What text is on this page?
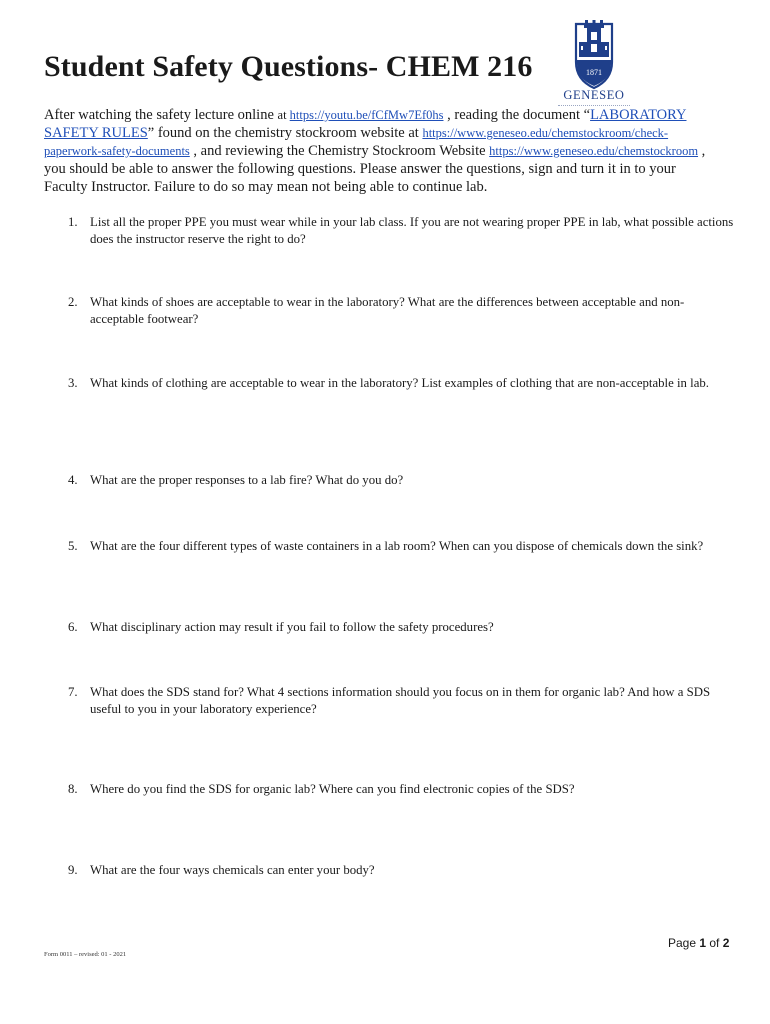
Student Safety Questions- CHEM 216	1871
GENESEO
After watching the safety lecture online at https://youtu.be/fCfMw7Ef0hs , reading the document “LABORATORY
SAFETY RULES” found on the chemistry stockroom website at https://www.geneseo.edu/chemstockroom/check-
paperwork-safety-documents , and reviewing the Chemistry Stockroom Website https://www.geneseo.edu/chemstockroom ,
you should be able to answer the following questions. Please answer the questions, sign and turn it in to your
Faculty Instructor. Failure to do so may mean not being able to continue lab.
1. List all the proper PPE you must wear while in your lab class. If you are not wearing proper PPE in lab, what possible actions does the instructor reserve the right to do?
2. What kinds of shoes are acceptable to wear in the laboratory? What are the differences between acceptable and non-acceptable footwear?
3. What kinds of clothing are acceptable to wear in the laboratory? List examples of clothing that are non-acceptable in lab.
4. What are the proper responses to a lab fire? What do you do?
5. What are the four different types of waste containers in a lab room? When can you dispose of chemicals down the sink?
6. What disciplinary action may result if you fail to follow the safety procedures?
7. What does the SDS stand for? What 4 sections information should you focus on in them for organic lab? And how a SDS useful to you in your laboratory experience?
8. Where do you find the SDS for organic lab? Where can you find electronic copies of the SDS?
9. What are the four ways chemicals can enter your body?
Page 1 of 2
Form 0011 – revised: 01 - 2021
